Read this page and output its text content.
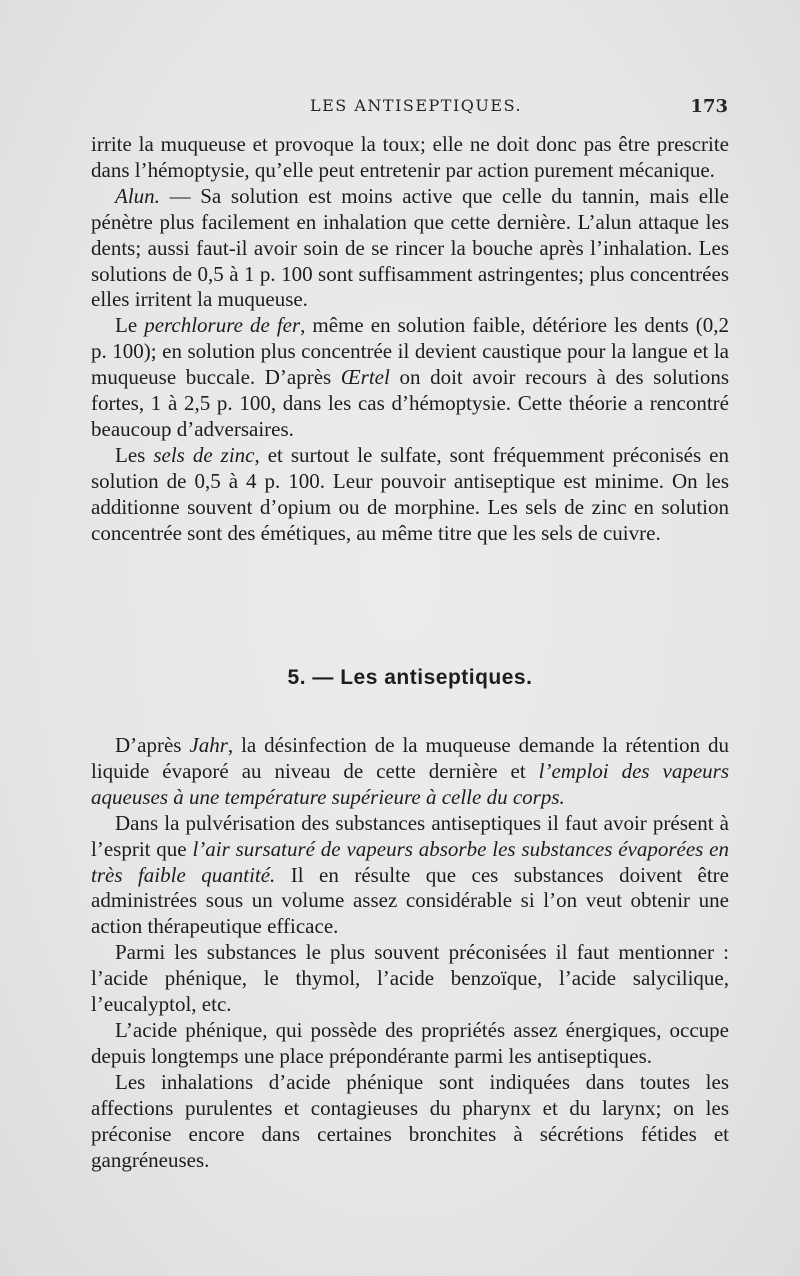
LES ANTISEPTIQUES.	173

irrite la muqueuse et provoque la toux; elle ne doit donc pas être prescrite dans l’hémoptysie, qu’elle peut entretenir par action purement mécanique.

Alun. — Sa solution est moins active que celle du tannin, mais elle pénètre plus facilement en inhalation que cette dernière. L’alun attaque les dents; aussi faut-il avoir soin de se rincer la bouche après l’inhalation. Les solutions de 0,5 à 1 p. 100 sont suffisamment astringentes; plus concentrées elles irritent la muqueuse.

Le perchlorure de fer, même en solution faible, détériore les dents (0,2 p. 100); en solution plus concentrée il devient caustique pour la langue et la muqueuse buccale. D’après Œrtel on doit avoir recours à des solutions fortes, 1 à 2,5 p. 100, dans les cas d’hémoptysie. Cette théorie a rencontré beaucoup d’adversaires.

Les sels de zinc, et surtout le sulfate, sont fréquemment préconisés en solution de 0,5 à 4 p. 100. Leur pouvoir antiseptique est minime. On les additionne souvent d’opium ou de morphine. Les sels de zinc en solution concentrée sont des émétiques, au même titre que les sels de cuivre.

5. — Les antiseptiques.

D’après Jahr, la désinfection de la muqueuse demande la rétention du liquide évaporé au niveau de cette dernière et l’emploi des vapeurs aqueuses à une température supérieure à celle du corps.

Dans la pulvérisation des substances antiseptiques il faut avoir présent à l’esprit que l’air sursaturé de vapeurs absorbe les substances évaporées en très faible quantité. Il en résulte que ces substances doivent être administrées sous un volume assez considérable si l’on veut obtenir une action thérapeutique efficace.

Parmi les substances le plus souvent préconisées il faut mentionner : l’acide phénique, le thymol, l’acide benzoïque, l’acide salycilique, l’eucalyptol, etc.

L’acide phénique, qui possède des propriétés assez énergiques, occupe depuis longtemps une place prépondérante parmi les antiseptiques.

Les inhalations d’acide phénique sont indiquées dans toutes les affections purulentes et contagieuses du pharynx et du larynx; on les préconise encore dans certaines bronchites à sécrétions fétides et gangréneuses.
